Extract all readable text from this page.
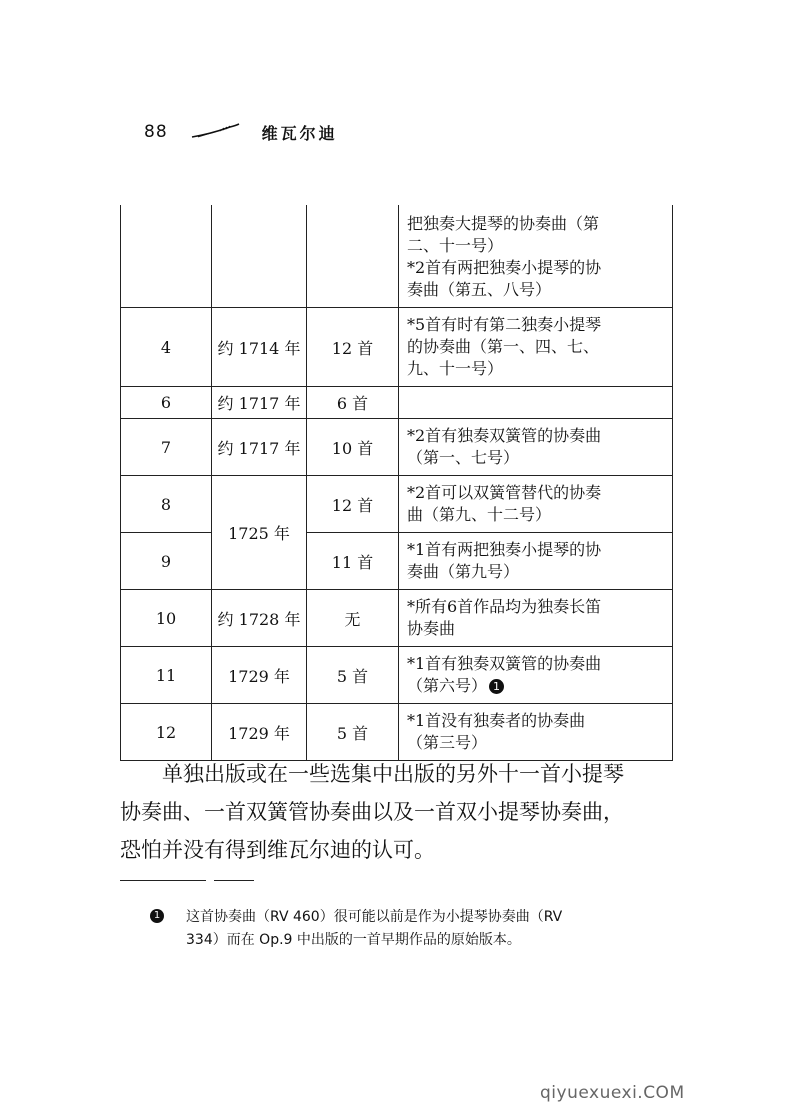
88	维瓦尔迪

			把独奏大提琴的协奏曲（第
二、十一号）
*2首有两把独奏小提琴的协
奏曲（第五、八号）

4	约 1714 年	12 首	*5首有时有第二独奏小提琴
的协奏曲（第一、四、七、
九、十一号）

6	约 1717 年	6 首	
7	约 1717 年	10 首	*2首有独奏双簧管的协奏曲
（第一、七号）

8	1725 年	12 首	*2首可以双簧管替代的协奏
曲（第九、十二号）

9		11 首	*1首有两把独奏小提琴的协
奏曲（第九号）

10	约 1728 年	无	*所有6首作品均为独奏长笛
协奏曲

11	1729 年	5 首	*1首有独奏双簧管的协奏曲
（第六号） 1

12	1729 年	5 首	*1首没有独奏者的协奏曲
（第三号）
单独出版或在一些选集中出版的另外十一首小提琴
协奏曲、一首双簧管协奏曲以及一首双小提琴协奏曲，
恐怕并没有得到维瓦尔迪的认可。
1	这首协奏曲（RV 460）很可能以前是作为小提琴协奏曲（RV
334）而在 Op.9 中出版的一首早期作品的原始版本。
qiyuexuexi.COM
